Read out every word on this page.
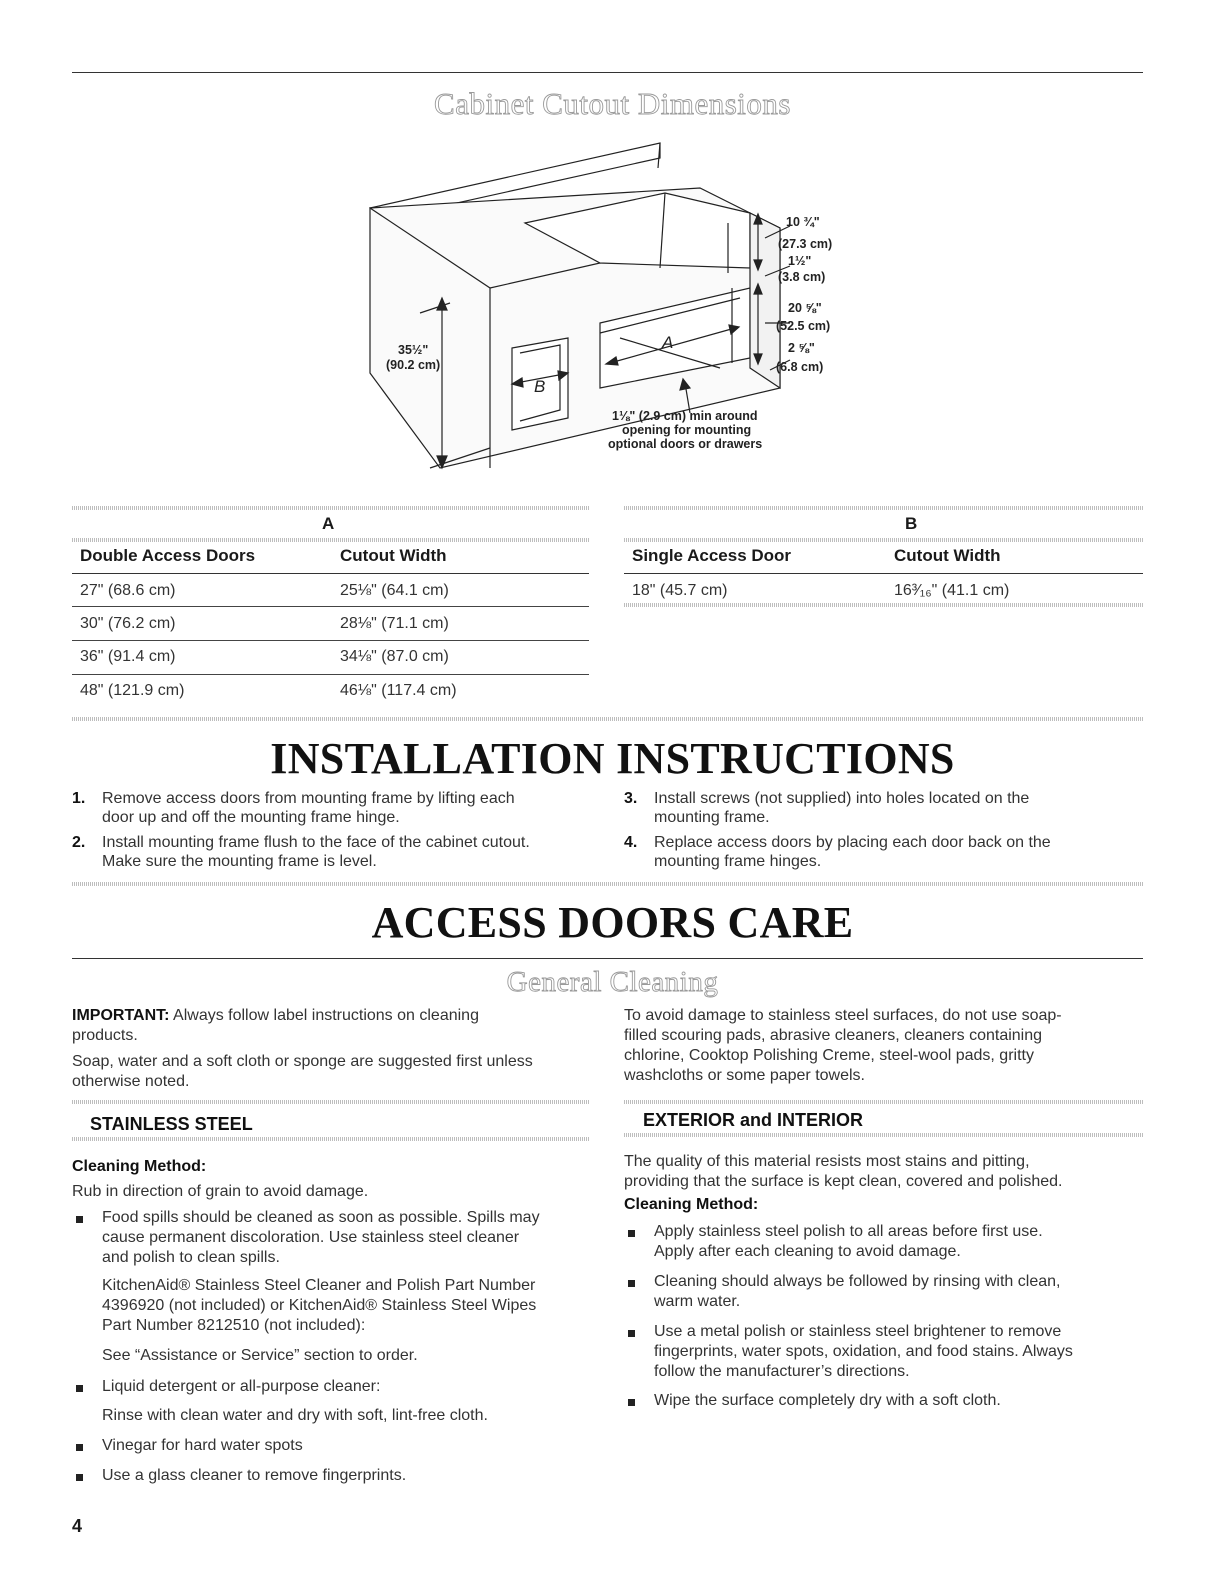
Cabinet Cutout Dimensions
35½"
(90.2 cm)
10 ¾"
(27.3 cm)
1½"
(3.8 cm)
20 ⅝"
(52.5 cm)
2 ⅝"
(6.8 cm)
A
B
1⅛" (2.9 cm) min around
opening for mounting
optional doors or drawers
A
Double Access Doors	Cutout Width
27" (68.6 cm)	25⅛" (64.1 cm)
30" (76.2 cm)	28⅛" (71.1 cm)
36" (91.4 cm)	34⅛" (87.0 cm)
48" (121.9 cm)	46⅛" (117.4 cm)
B
Single Access Door	Cutout Width
18" (45.7 cm)	16³⁄₁₆" (41.1 cm)
INSTALLATION INSTRUCTIONS
1. Remove access doors from mounting frame by lifting each
door up and off the mounting frame hinge.
2. Install mounting frame flush to the face of the cabinet cutout.
Make sure the mounting frame is level.
3. Install screws (not supplied) into holes located on the
mounting frame.
4. Replace access doors by placing each door back on the
mounting frame hinges.
ACCESS DOORS CARE
General Cleaning
IMPORTANT: Always follow label instructions on cleaning
products.
Soap, water and a soft cloth or sponge are suggested first unless
otherwise noted.
To avoid damage to stainless steel surfaces, do not use soap-
filled scouring pads, abrasive cleaners, cleaners containing
chlorine, Cooktop Polishing Creme, steel-wool pads, gritty
washcloths or some paper towels.
STAINLESS STEEL
Cleaning Method:
Rub in direction of grain to avoid damage.
Food spills should be cleaned as soon as possible. Spills may
cause permanent discoloration. Use stainless steel cleaner
and polish to clean spills.
KitchenAid® Stainless Steel Cleaner and Polish Part Number
4396920 (not included) or KitchenAid® Stainless Steel Wipes
Part Number 8212510 (not included):
See “Assistance or Service” section to order.
Liquid detergent or all-purpose cleaner:
Rinse with clean water and dry with soft, lint-free cloth.
Vinegar for hard water spots
Use a glass cleaner to remove fingerprints.
EXTERIOR and INTERIOR
The quality of this material resists most stains and pitting,
providing that the surface is kept clean, covered and polished.
Cleaning Method:
Apply stainless steel polish to all areas before first use.
Apply after each cleaning to avoid damage.
Cleaning should always be followed by rinsing with clean,
warm water.
Use a metal polish or stainless steel brightener to remove
fingerprints, water spots, oxidation, and food stains. Always
follow the manufacturer’s directions.
Wipe the surface completely dry with a soft cloth.
4
